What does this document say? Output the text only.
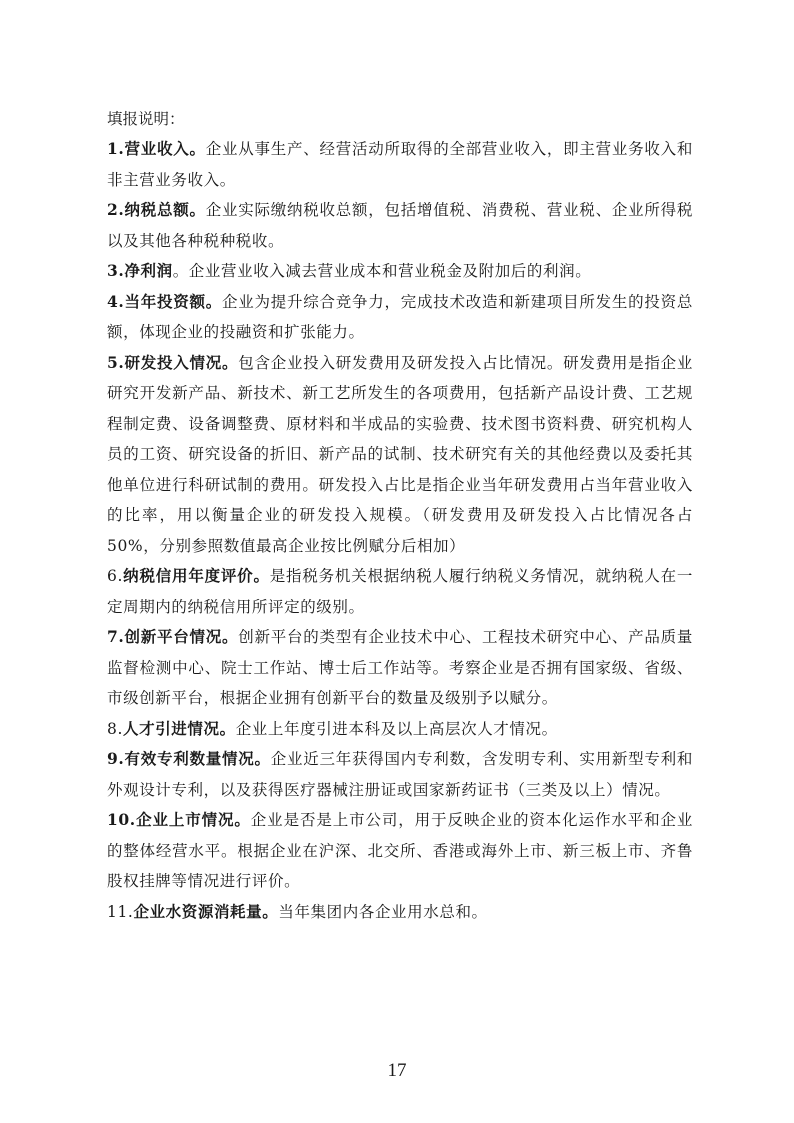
填报说明：

1.营业收入。企业从事生产、经营活动所取得的全部营业收入，即主营业务收入和非主营业务收入。

2.纳税总额。企业实际缴纳税收总额，包括增值税、消费税、营业税、企业所得税以及其他各种税种税收。

3.净利润。企业营业收入减去营业成本和营业税金及附加后的利润。

4.当年投资额。企业为提升综合竞争力，完成技术改造和新建项目所发生的投资总额，体现企业的投融资和扩张能力。

5.研发投入情况。包含企业投入研发费用及研发投入占比情况。研发费用是指企业研究开发新产品、新技术、新工艺所发生的各项费用，包括新产品设计费、工艺规程制定费、设备调整费、原材料和半成品的实验费、技术图书资料费、研究机构人员的工资、研究设备的折旧、新产品的试制、技术研究有关的其他经费以及委托其他单位进行科研试制的费用。研发投入占比是指企业当年研发费用占当年营业收入的比率，用以衡量企业的研发投入规模。（研发费用及研发投入占比情况各占50%，分别参照数值最高企业按比例赋分后相加）

6.纳税信用年度评价。是指税务机关根据纳税人履行纳税义务情况，就纳税人在一定周期内的纳税信用所评定的级别。

7.创新平台情况。创新平台的类型有企业技术中心、工程技术研究中心、产品质量监督检测中心、院士工作站、博士后工作站等。考察企业是否拥有国家级、省级、市级创新平台，根据企业拥有创新平台的数量及级别予以赋分。

8.人才引进情况。企业上年度引进本科及以上高层次人才情况。

9.有效专利数量情况。企业近三年获得国内专利数，含发明专利、实用新型专利和外观设计专利，以及获得医疗器械注册证或国家新药证书（三类及以上）情况。

10.企业上市情况。企业是否是上市公司，用于反映企业的资本化运作水平和企业的整体经营水平。根据企业在沪深、北交所、香港或海外上市、新三板上市、齐鲁股权挂牌等情况进行评价。

11.企业水资源消耗量。当年集团内各企业用水总和。

17
